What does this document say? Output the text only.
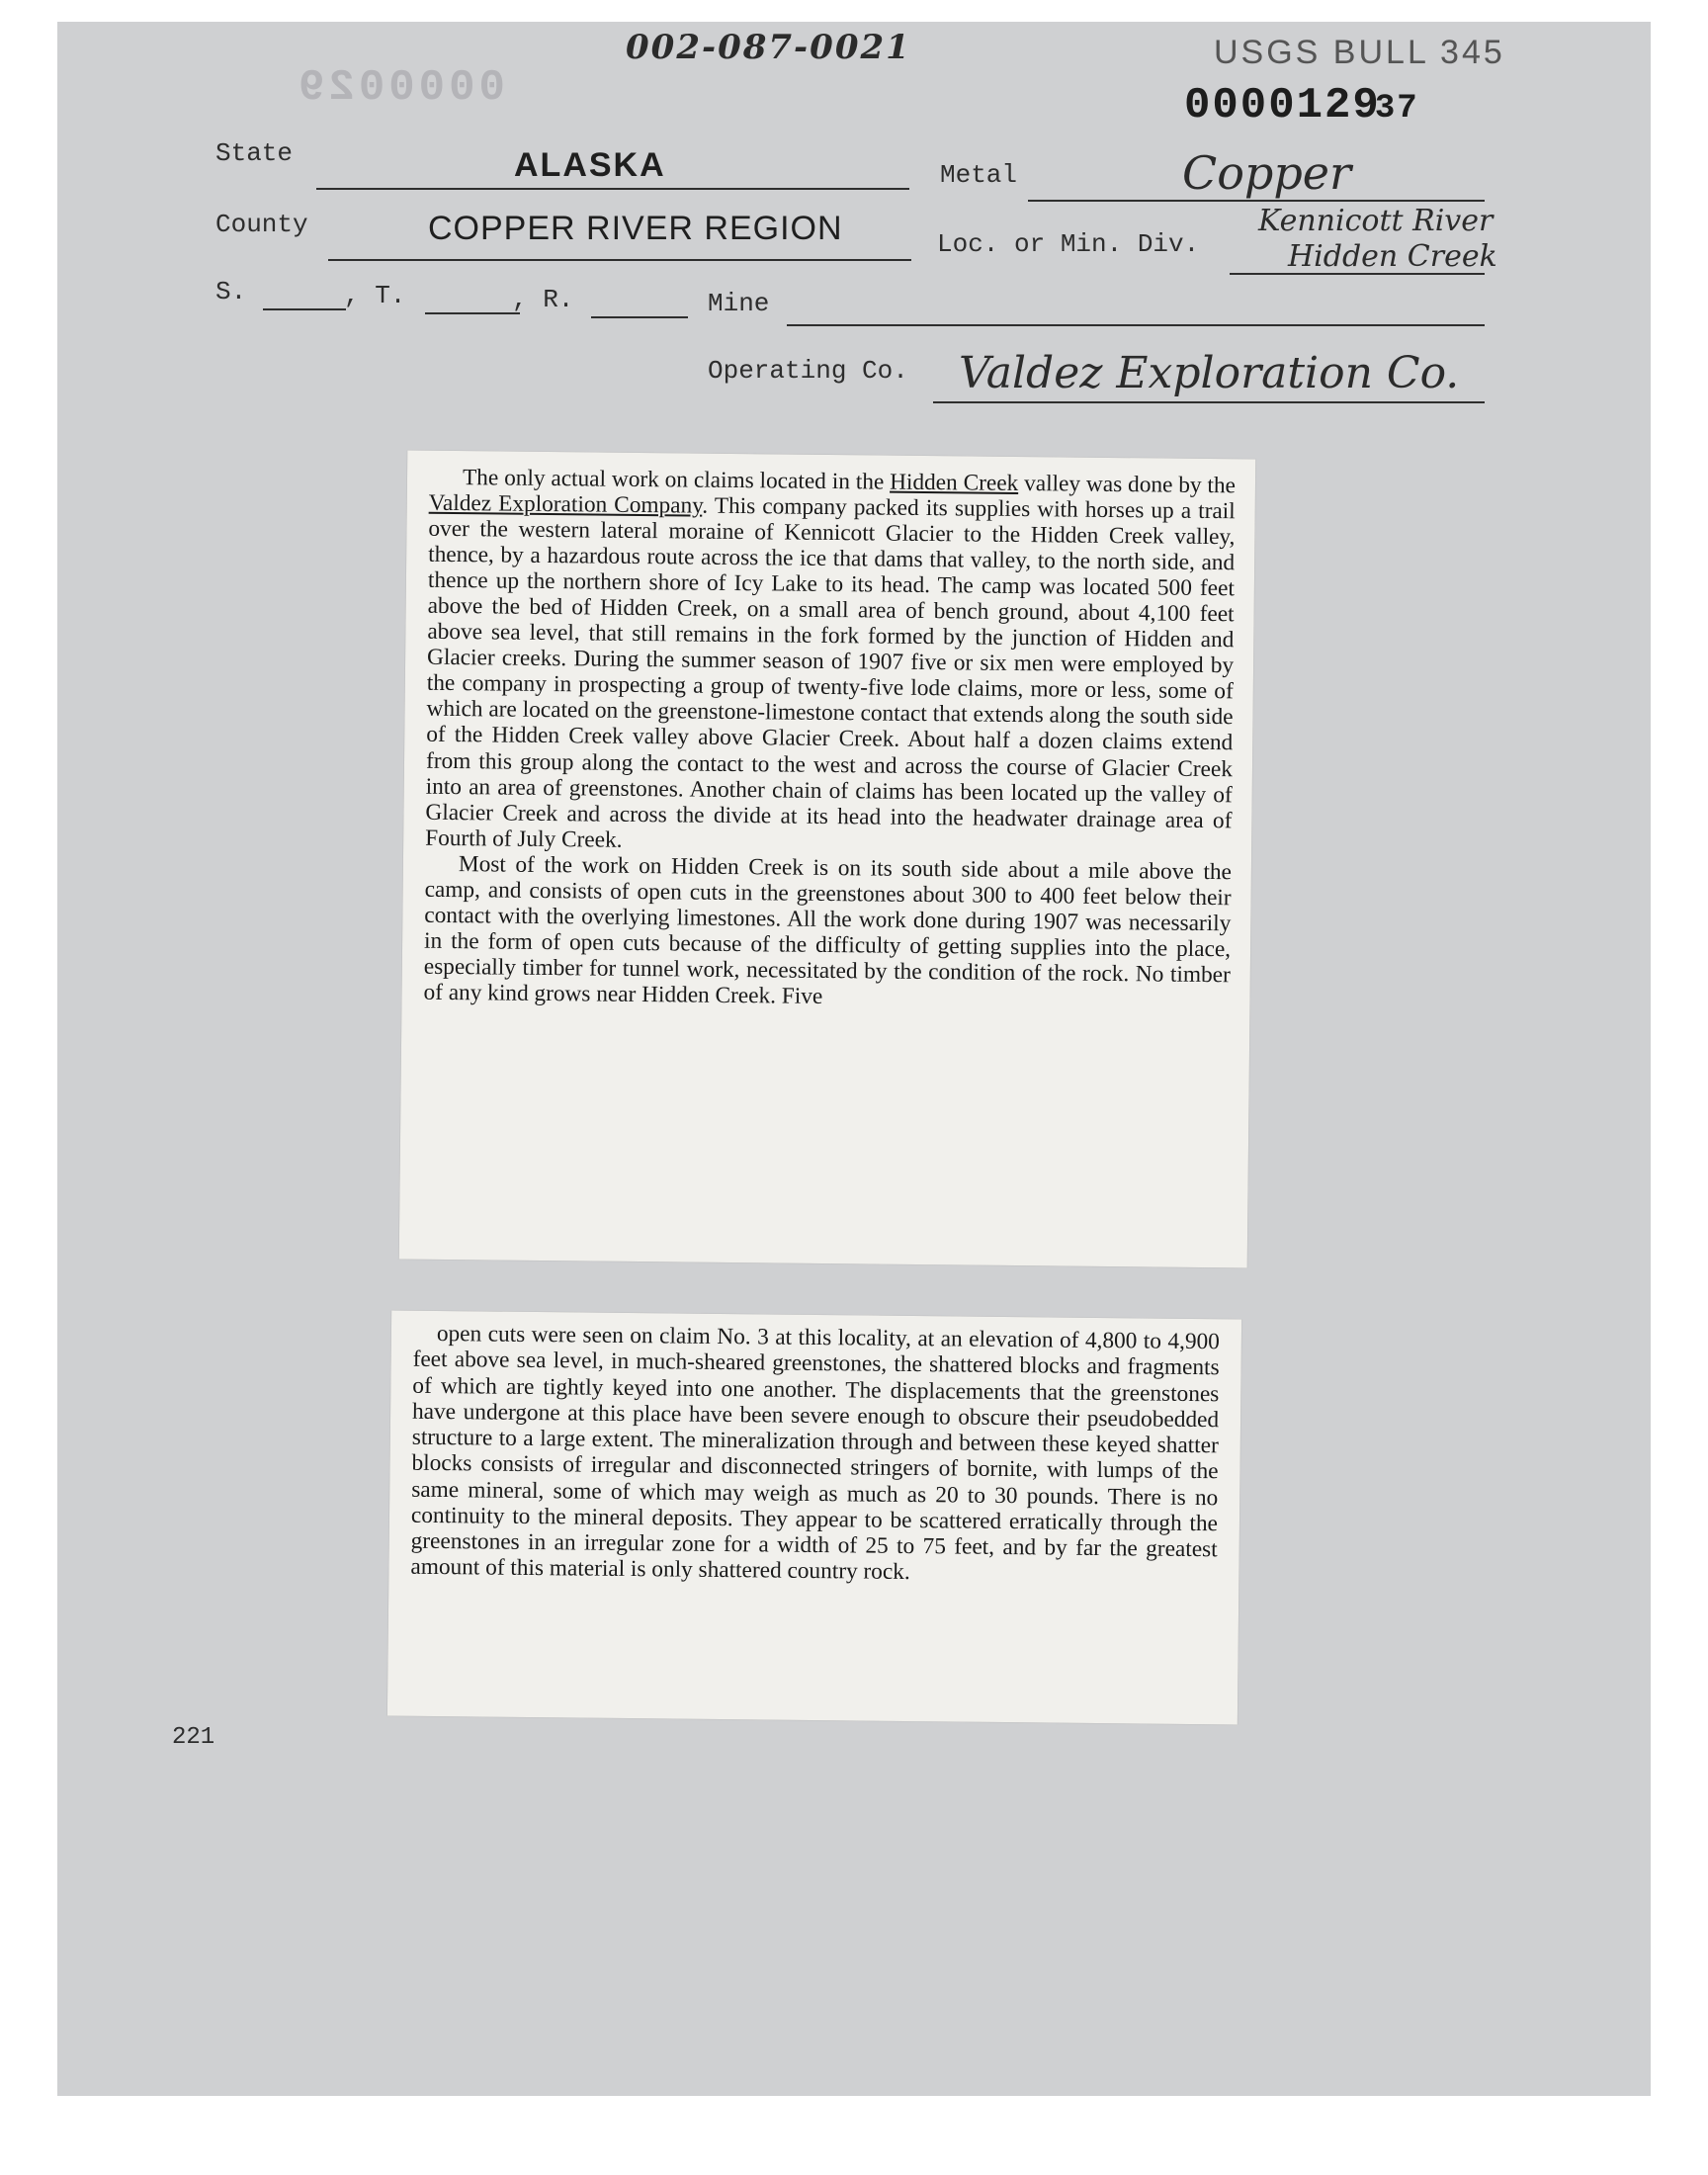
002-087-0021
0000029
USGS BULL 345
000012937
State	ALASKA	Metal	Copper
County	COPPER RIVER REGION	Loc. or Min. Div.
Kennicott River
Hidden Creek
S.	, T.	, R.	Mine
Operating Co. Valdez Exploration Co.

The only actual work on claims located in the Hidden Creek valley was done by the Valdez Exploration Company. This company packed its supplies with horses up a trail over the western lateral moraine of Kennicott Glacier to the Hidden Creek valley, thence, by a hazardous route across the ice that dams that valley, to the north side, and thence up the northern shore of Icy Lake to its head. The camp was located 500 feet above the bed of Hidden Creek, on a small area of bench ground, about 4,100 feet above sea level, that still remains in the fork formed by the junction of Hidden and Glacier creeks. During the summer season of 1907 five or six men were employed by the company in prospecting a group of twenty-five lode claims, more or less, some of which are located on the greenstone-limestone contact that extends along the south side of the Hidden Creek valley above Glacier Creek. About half a dozen claims extend from this group along the contact to the west and across the course of Glacier Creek into an area of greenstones. Another chain of claims has been located up the valley of Glacier Creek and across the divide at its head into the headwater drainage area of Fourth of July Creek.

Most of the work on Hidden Creek is on its south side about a mile above the camp, and consists of open cuts in the greenstones about 300 to 400 feet below their contact with the overlying limestones. All the work done during 1907 was necessarily in the form of open cuts because of the difficulty of getting supplies into the place, especially timber for tunnel work, necessitated by the condition of the rock. No timber of any kind grows near Hidden Creek. Five

open cuts were seen on claim No. 3 at this locality, at an elevation of 4,800 to 4,900 feet above sea level, in much-sheared greenstones, the shattered blocks and fragments of which are tightly keyed into one another. The displacements that the greenstones have undergone at this place have been severe enough to obscure their pseudobedded structure to a large extent. The mineralization through and between these keyed shatter blocks consists of irregular and disconnected stringers of bornite, with lumps of the same mineral, some of which may weigh as much as 20 to 30 pounds. There is no continuity to the mineral deposits. They appear to be scattered erratically through the greenstones in an irregular zone for a width of 25 to 75 feet, and by far the greatest amount of this material is only shattered country rock.

221
